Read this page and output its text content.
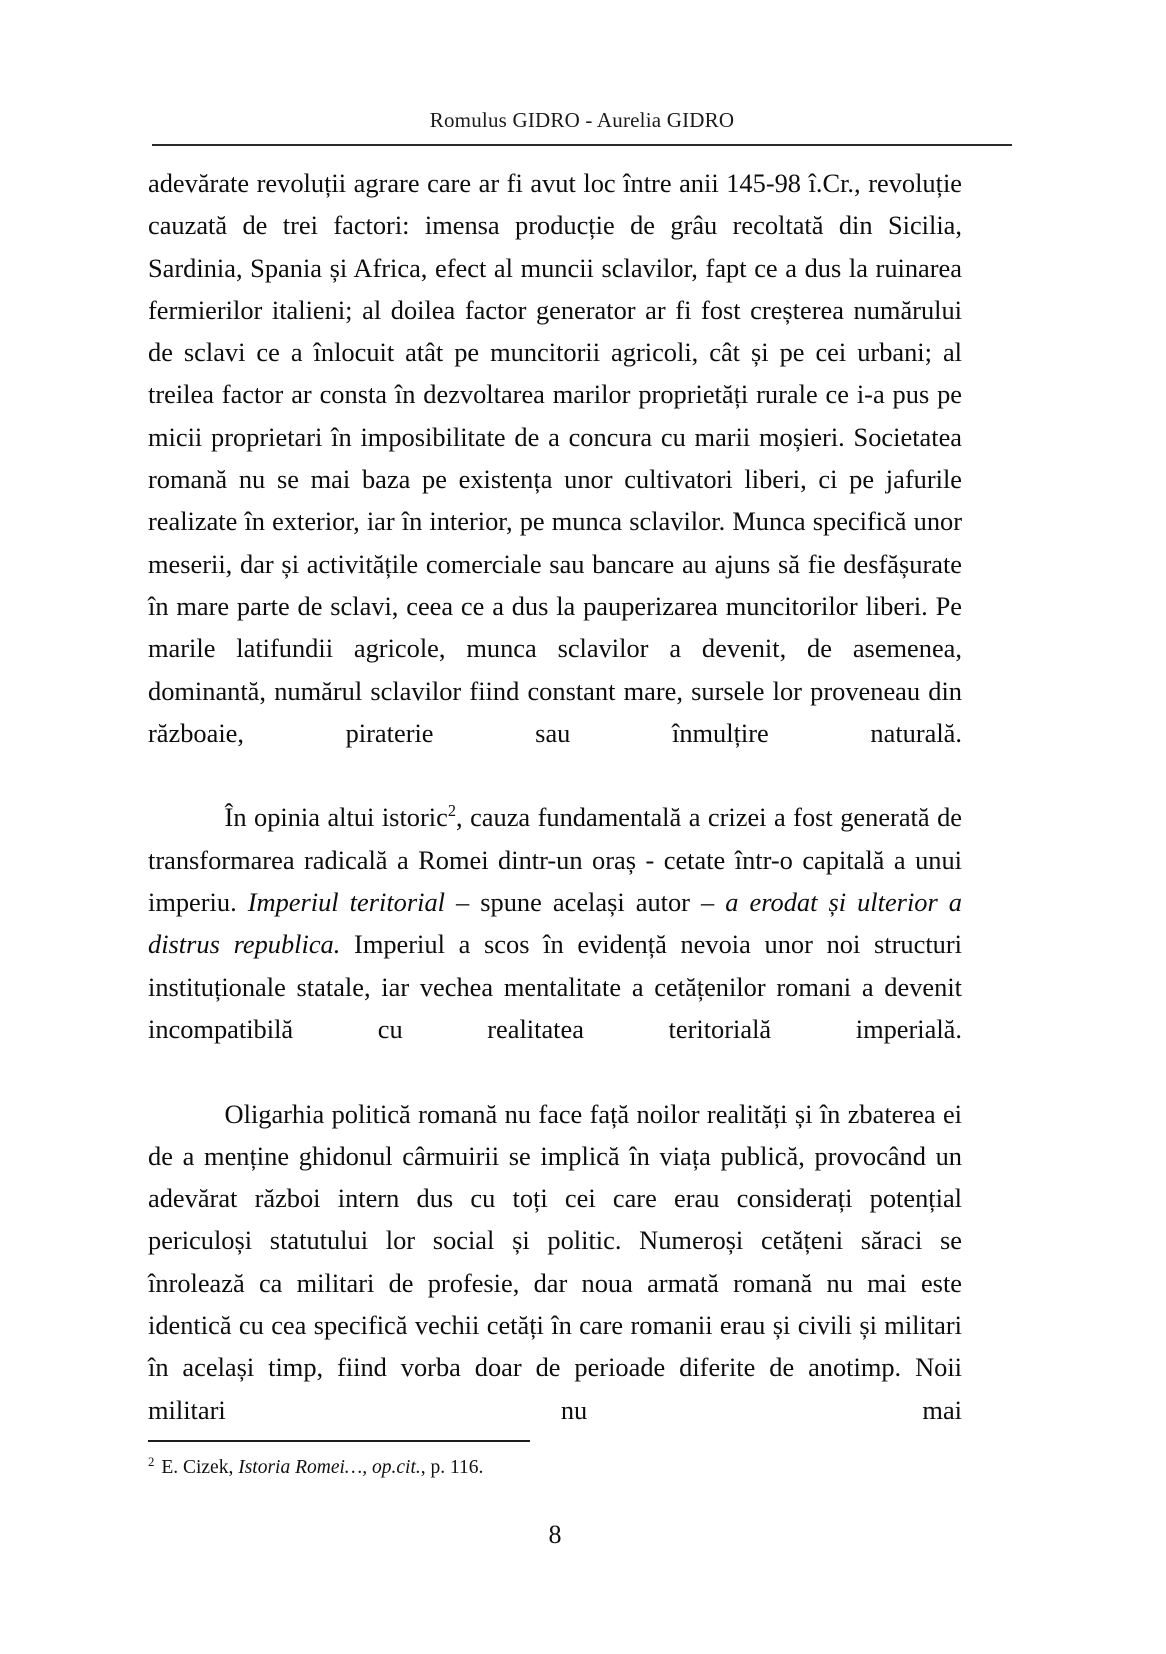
Romulus GIDRO - Aurelia GIDRO

adevărate revoluții agrare care ar fi avut loc între anii 145-98 î.Cr., revoluție cauzată de trei factori: imensa producție de grâu recoltată din Sicilia, Sardinia, Spania și Africa, efect al muncii sclavilor, fapt ce a dus la ruinarea fermierilor italieni; al doilea factor generator ar fi fost creșterea numărului de sclavi ce a înlocuit atât pe muncitorii agricoli, cât și pe cei urbani; al treilea factor ar consta în dezvoltarea marilor proprietăți rurale ce i-a pus pe micii proprietari în imposibilitate de a concura cu marii moșieri. Societatea romană nu se mai baza pe existența unor cultivatori liberi, ci pe jafurile realizate în exterior, iar în interior, pe munca sclavilor. Munca specifică unor meserii, dar și activitățile comerciale sau bancare au ajuns să fie desfășurate în mare parte de sclavi, ceea ce a dus la pauperizarea muncitorilor liberi. Pe marile latifundii agricole, munca sclavilor a devenit, de asemenea, dominantă, numărul sclavilor fiind constant mare, sursele lor proveneau din războaie, piraterie sau înmulțire naturală.

În opinia altui istoric$^2$, cauza fundamentală a crizei a fost generată de transformarea radicală a Romei dintr-un oraș - cetate într-o capitală a unui imperiu. Imperiul teritorial – spune același autor – a erodat și ulterior a distrus republica. Imperiul a scos în evidență nevoia unor noi structuri instituționale statale, iar vechea mentalitate a cetățenilor romani a devenit incompatibilă cu realitatea teritorială imperială.

Oligarhia politică romană nu face față noilor realități și în zbaterea ei de a menține ghidonul cârmuirii se implică în viața publică, provocând un adevărat război intern dus cu toți cei care erau considerați potențial periculoși statutului lor social și politic. Numeroși cetățeni săraci se înrolează ca militari de profesie, dar noua armată romană nu mai este identică cu cea specifică vechii cetăți în care romanii erau și civili și militari în același timp, fiind vorba doar de perioade diferite de anotimp. Noii militari nu mai

$^2$ E. Cizek, Istoria Romei…, op.cit., p. 116.
8
